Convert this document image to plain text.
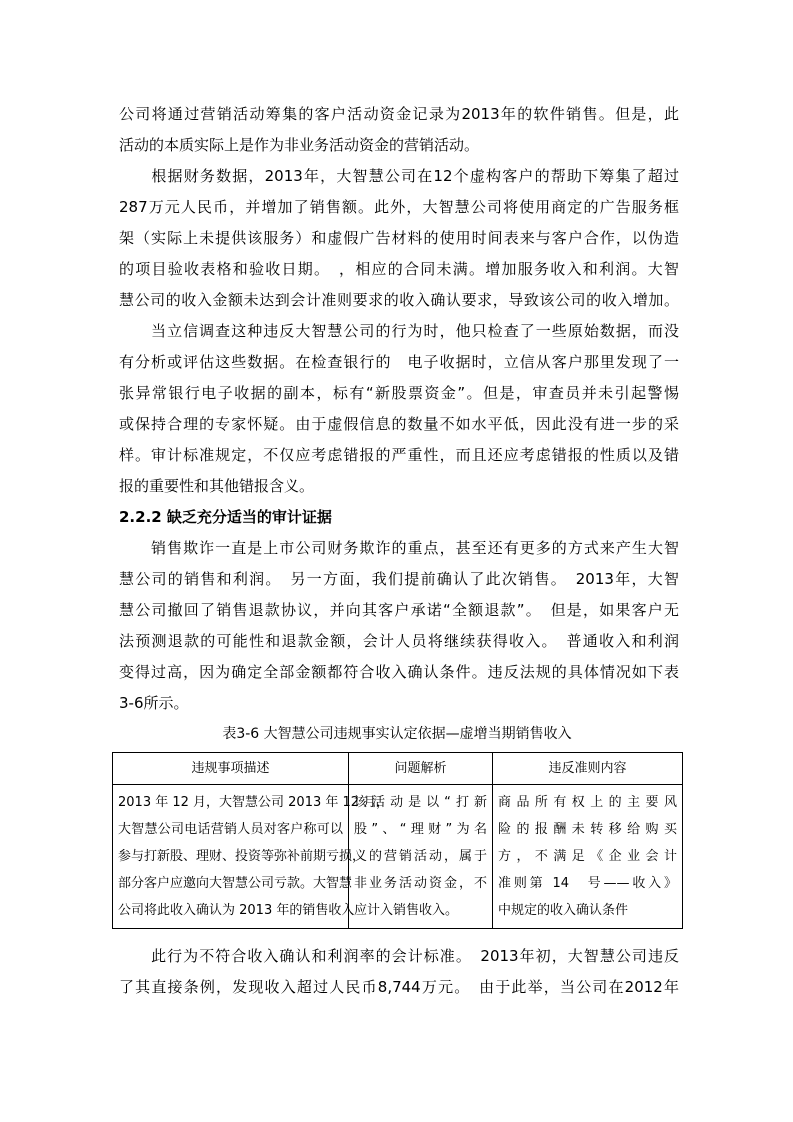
公司将通过营销活动筹集的客户活动资金记录为2013年的软件销售。但是，此
活动的本质实际上是作为非业务活动资金的营销活动。
　　根据财务数据，2013年，大智慧公司在12个虚构客户的帮助下筹集了超过
287万元人民币，并增加了销售额。此外，大智慧公司将使用商定的广告服务框
架（实际上未提供该服务）和虚假广告材料的使用时间表来与客户合作，以伪造
的项目验收表格和验收日期。　，相应的合同未满。增加服务收入和利润。大智
慧公司的收入金额未达到会计准则要求的收入确认要求，导致该公司的收入增加。
　　当立信调查这种违反大智慧公司的行为时，他只检查了一些原始数据，而没
有分析或评估这些数据。在检查银行的　电子收据时，立信从客户那里发现了一
张异常银行电子收据的副本，标有“新股票资金”。但是，审查员并未引起警惕
或保持合理的专家怀疑。由于虚假信息的数量不如水平低，因此没有进一步的采
样。审计标准规定，不仅应考虑错报的严重性，而且还应考虑错报的性质以及错
报的重要性和其他错报含义。
2.2.2 缺乏充分适当的审计证据
　　销售欺诈一直是上市公司财务欺诈的重点，甚至还有更多的方式来产生大智
慧公司的销售和利润。　另一方面，我们提前确认了此次销售。　2013年，大智
慧公司撤回了销售退款协议，并向其客户承诺“全额退款”。　但是，如果客户无
法预测退款的可能性和退款金额，会计人员将继续获得收入。　普通收入和利润
变得过高，因为确定全部金额都符合收入确认条件。违反法规的具体情况如下表
3-6所示。
表3-6 大智慧公司违规事实认定依据—虚增当期销售收入
违规事项描述	问题解析	违反准则内容

2013 年 12 月，大智慧公司 2013 年 12 月，
大智慧公司电话营销人员对客户称可以
参与打新股、理财、投资等弥补前期亏损，
部分客户应邀向大智慧公司亏款。大智慧
公司将此收入确认为 2013 年的销售收入	该活动是以“打新
股”、“理财”为名
义的营销活动，属于
非业务活动资金，不
应计入销售收入。	商品所有权上的主要风
险的报酬未转移给购买
方，不满足《企业会计
准则第 14　号——收入》
中规定的收入确认条件
　　此行为不符合收入确认和利润率的会计标准。　2013年初，大智慧公司违反
了其直接条例，发现收入超过人民币8,744万元。　由于此举，当公司在2012年
